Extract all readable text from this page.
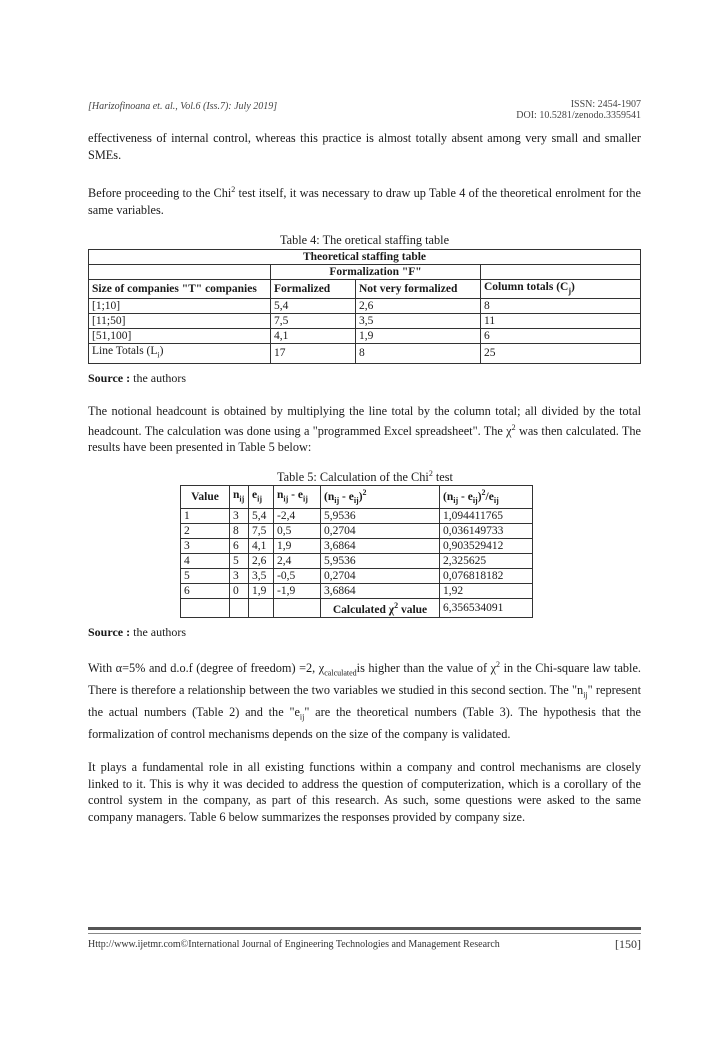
[Harizofinoana et. al., Vol.6 (Iss.7): July 2019]	ISSN: 2454-1907
DOI: 10.5281/zenodo.3359541
effectiveness of internal control, whereas this practice is almost totally absent among very small and smaller SMEs.
Before proceeding to the Chi$^2$ test itself, it was necessary to draw up Table 4 of the theoretical enrolment for the same variables.
Table 4: The oretical staffing table
Theoretical staffing table			
	Formalization "F"		
Size of companies "T" companies	Formalized	Not very formalized	Column totals $(C_j)$
[1;10]	5,4	2,6	8
[11;50]	7,5	3,5	11
[51,100]	4,1	1,9	6
Line Totals $(L_i)$	17	8	25
Source : the authors
The notional headcount is obtained by multiplying the line total by the column total; all divided by the total headcount. The calculation was done using a "programmed Excel spreadsheet". The $\chi^2$ was then calculated. The results have been presented in Table 5 below:
Table 5: Calculation of the Chi$^2$ test
Value	$n_{ij}$	$e_{ij}$	$n_{ij} - e_{ij}$	$(n_{ij} - e_{ij})^2$	$(n_{ij} - e_{ij})^2/e_{ij}$
1	3	5,4	-2,4	5,9536	1,094411765
2	8	7,5	0,5	0,2704	0,036149733
3	6	4,1	1,9	3,6864	0,903529412
4	5	2,6	2,4	5,9536	2,325625
5	3	3,5	-0,5	0,2704	0,076818182
6	0	1,9	-1,9	3,6864	1,92
				Calculated $\chi^2$ value	6,356534091
Source : the authors
With α=5% and d.o.f (degree of freedom) =2, $\chi_{calculated}is$ higher than the value of $\chi^2$ in the Chi-square law table. There is therefore a relationship between the two variables we studied in this second section. The "$n_{ij}$" represent the actual numbers (Table 2) and the "$e_{ij}$" are the theoretical numbers (Table 3). The hypothesis that the formalization of control mechanisms depends on the size of the company is validated.
It plays a fundamental role in all existing functions within a company and control mechanisms are closely linked to it. This is why it was decided to address the question of computerization, which is a corollary of the control system in the company, as part of this research. As such, some questions were asked to the same company managers. Table 6 below summarizes the responses provided by company size.
Http://www.ijetmr.com©International Journal of Engineering Technologies and Management Research	[150]
